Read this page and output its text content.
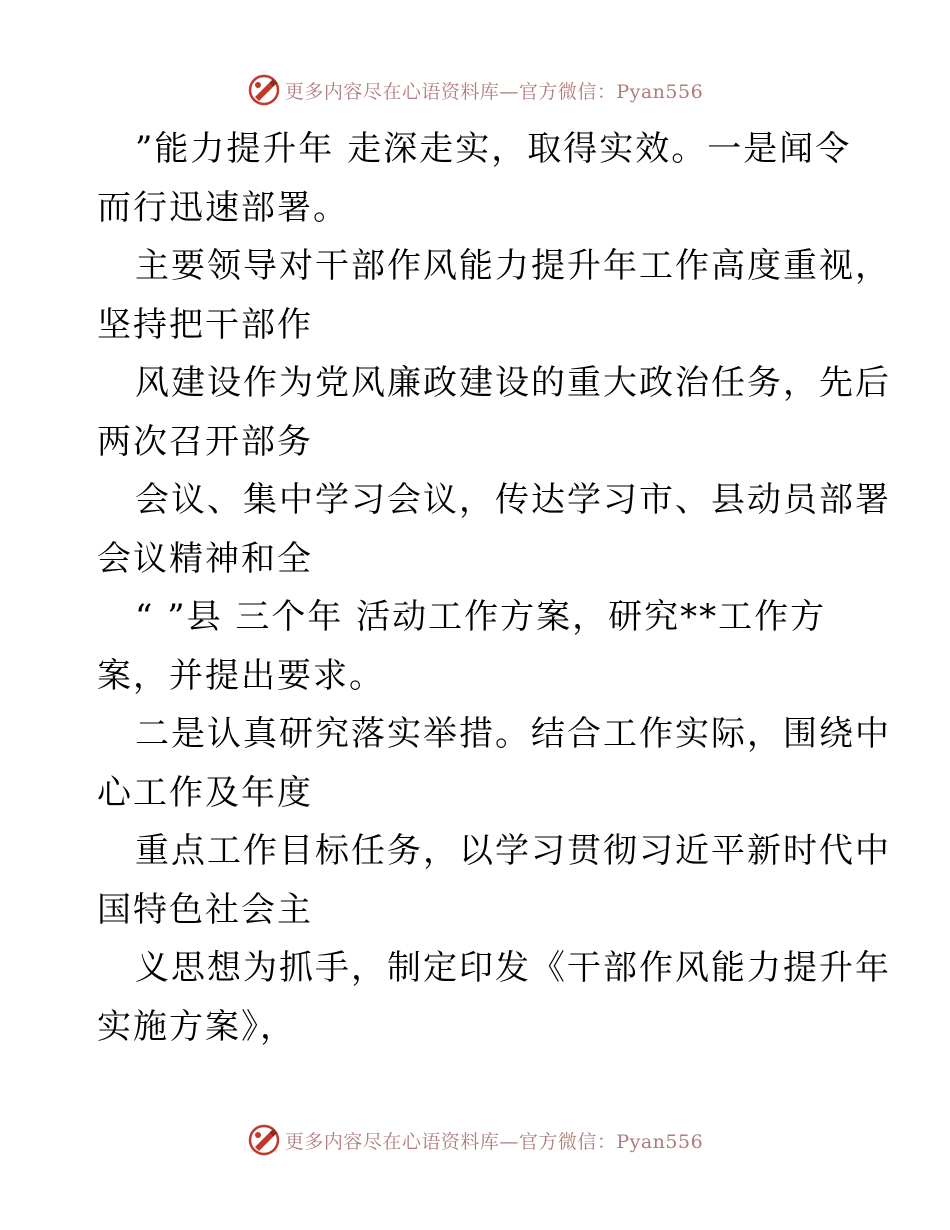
更多内容尽在心语资料库—官方微信：Pyan556
”能力提升年 走深走实，取得实效。一是闻令
而行迅速部署。
主要领导对干部作风能力提升年工作高度重视，
坚持把干部作
风建设作为党风廉政建设的重大政治任务，先后
两次召开部务
会议、集中学习会议，传达学习市、县动员部署
会议精神和全
“ ”县 三个年 活动工作方案，研究**工作方
案，并提出要求。
二是认真研究落实举措。结合工作实际，围绕中
心工作及年度
重点工作目标任务，以学习贯彻习近平新时代中
国特色社会主
义思想为抓手，制定印发《干部作风能力提升年
实施方案》，
更多内容尽在心语资料库—官方微信：Pyan556
